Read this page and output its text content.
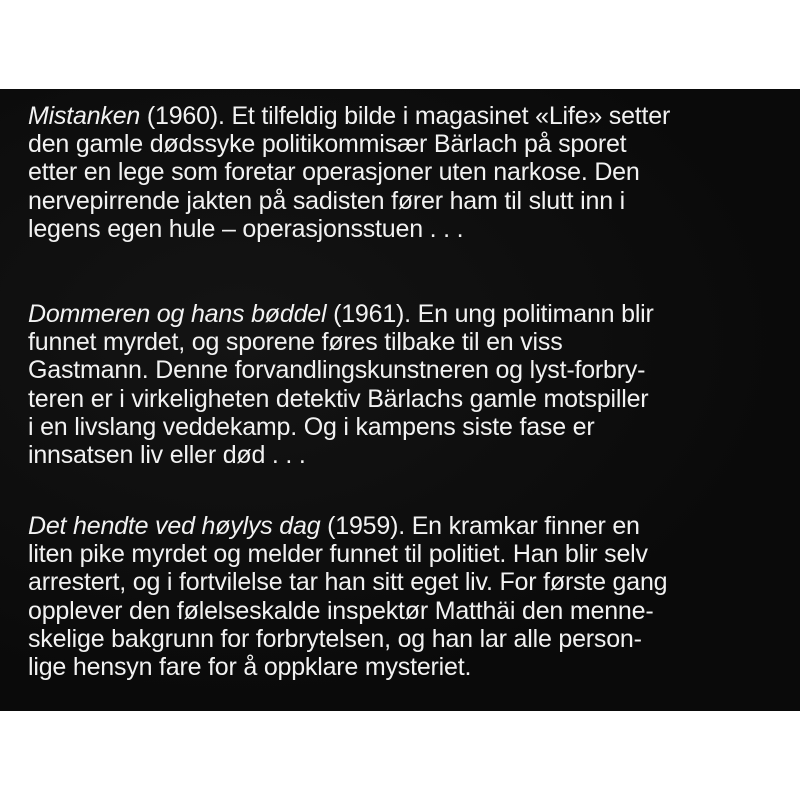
Mistanken (1960). Et tilfeldig bilde i magasinet «Life» setter
den gamle dødssyke politikommisær Bärlach på sporet
etter en lege som foretar operasjoner uten narkose. Den
nervepirrende jakten på sadisten fører ham til slutt inn i
legens egen hule – operasjonsstuen . . .

Dommeren og hans bøddel (1961). En ung politimann blir
funnet myrdet, og sporene føres tilbake til en viss
Gastmann. Denne forvandlingskunstneren og lyst-forbry-
teren er i virkeligheten detektiv Bärlachs gamle motspiller
i en livslang veddekamp. Og i kampens siste fase er
innsatsen liv eller død . . .

Det hendte ved høylys dag (1959). En kramkar finner en
liten pike myrdet og melder funnet til politiet. Han blir selv
arrestert, og i fortvilelse tar han sitt eget liv. For første gang
opplever den følelseskalde inspektør Matthäi den menne-
skelige bakgrunn for forbrytelsen, og han lar alle person-
lige hensyn fare for å oppklare mysteriet.
